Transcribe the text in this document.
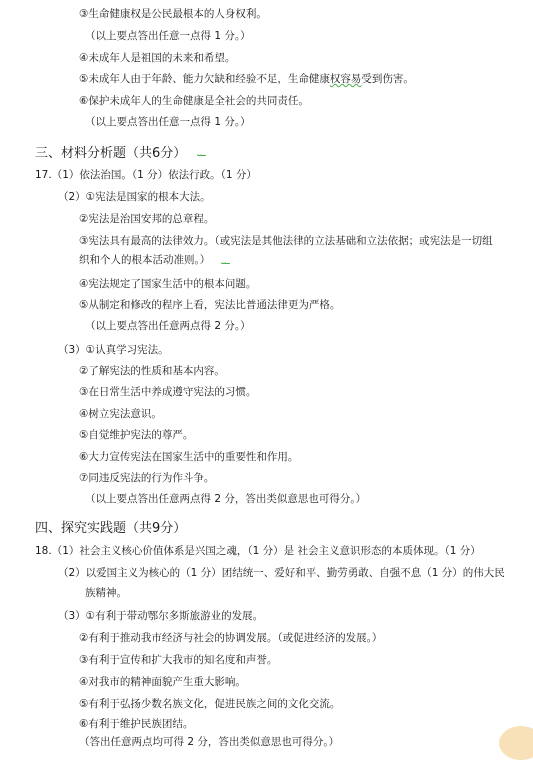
③生命健康权是公民最根本的人身权利。
（以上要点答出任意一点得 1 分。）
④未成年人是祖国的未来和希望。
⑤未成年人由于年龄、能力欠缺和经验不足，生命健康权容易受到伤害。
⑥保护未成年人的生命健康是全社会的共同责任。
（以上要点答出任意一点得 1 分。）
三、材料分析题（共6分）
17.（1）依法治国。（1 分）依法行政。（1 分）
（2）①宪法是国家的根本大法。
②宪法是治国安邦的总章程。
③宪法具有最高的法律效力。（或宪法是其他法律的立法基础和立法依据；或宪法是一切组
织和个人的根本活动准则。）
④宪法规定了国家生活中的根本问题。
⑤从制定和修改的程序上看，宪法比普通法律更为严格。
（以上要点答出任意两点得 2 分。）
（3）①认真学习宪法。
②了解宪法的性质和基本内容。
③在日常生活中养成遵守宪法的习惯。
④树立宪法意识。
⑤自觉维护宪法的尊严。
⑥大力宣传宪法在国家生活中的重要性和作用。
⑦同违反宪法的行为作斗争。
（以上要点答出任意两点得 2 分，答出类似意思也可得分。）
四、探究实践题（共9分）
18.（1）社会主义核心价值体系是兴国之魂，（1 分）是 社会主义意识形态的本质体现。（1 分）
（2）以爱国主义为核心的（1 分）团结统一、爱好和平、勤劳勇敢、自强不息（1 分）的伟大民
族精神。
（3）①有利于带动鄂尔多斯旅游业的发展。
②有利于推动我市经济与社会的协调发展。（或促进经济的发展。）
③有利于宣传和扩大我市的知名度和声誉。
④对我市的精神面貌产生重大影响。
⑤有利于弘扬少数名族文化，促进民族之间的文化交流。
⑥有利于维护民族团结。
（答出任意两点均可得 2 分，答出类似意思也可得分。）
